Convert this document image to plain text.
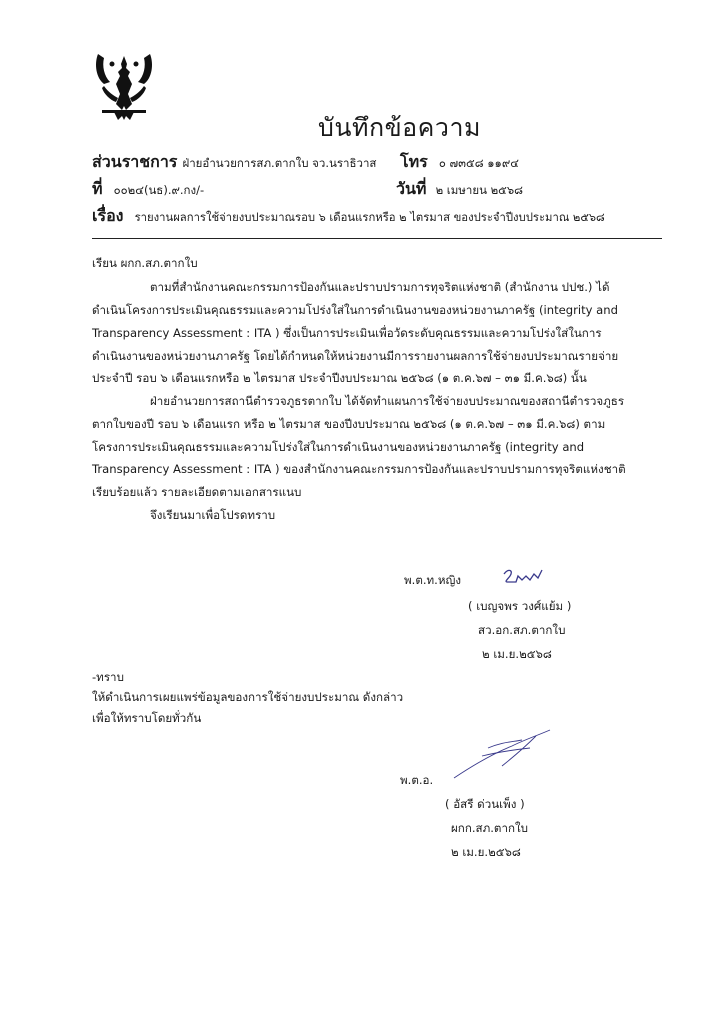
บันทึกข้อความ
ส่วนราชการ ฝ่ายอำนวยการสภ.ตากใบ จว.นราธิวาส โทร ๐ ๗๓๕๘ ๑๑๙๔
ที่ ๐๐๒๔(นธ).๙.กง/-	วันที่ ๒ เมษายน ๒๕๖๘
เรื่อง รายงานผลการใช้จ่ายงบประมาณรอบ ๖ เดือนแรกหรือ ๒ ไตรมาส ของประจำปีงบประมาณ ๒๕๖๘
เรียน ผกก.สภ.ตากใบ
ตามที่สำนักงานคณะกรรมการป้องกันและปราบปรามการทุจริตแห่งชาติ (สำนักงาน ปปช.) ได้
ดำเนินโครงการประเมินคุณธรรมและความโปร่งใส่ในการดำเนินงานของหน่วยงานภาครัฐ (integrity and
Transparency Assessment : ITA ) ซึ่งเป็นการประเมินเพื่อวัดระดับคุณธรรมและความโปร่งใส่ในการ
ดำเนินงานของหน่วยงานภาครัฐ โดยได้กำหนดให้หน่วยงานมีการรายงานผลการใช้จ่ายงบประมาณรายจ่าย
ประจำปี รอบ ๖ เดือนแรกหรือ ๒ ไตรมาส ประจำปีงบประมาณ ๒๕๖๘ (๑ ต.ค.๖๗ – ๓๑ มี.ค.๖๘) นั้น
ฝ่ายอำนวยการสถานีตำรวจภูธรตากใบ ได้จัดทำแผนการใช้จ่ายงบประมาณของสถานีตำรวจภูธร
ตากใบของปี รอบ ๖ เดือนแรก หรือ ๒ ไตรมาส ของปีงบประมาณ ๒๕๖๘ (๑ ต.ค.๖๗ – ๓๑ มี.ค.๖๘) ตาม
โครงการประเมินคุณธรรมและความโปร่งใส่ในการดำเนินงานของหน่วยงานภาครัฐ (integrity and
Transparency Assessment : ITA ) ของสำนักงานคณะกรรมการป้องกันและปราบปรามการทุจริตแห่งชาติ
เรียบร้อยแล้ว รายละเอียดตามเอกสารแนบ
จึงเรียนมาเพื่อโปรดทราบ
พ.ต.ท.หญิง
( เบญจพร วงศ์แย้ม )
สว.อก.สภ.ตากใบ
๒ เม.ย.๒๕๖๘
-ทราบ
ให้ดำเนินการเผยแพร่ข้อมูลของการใช้จ่ายงบประมาณ ดังกล่าว
เพื่อให้ทราบโดยทั่วกัน
พ.ต.อ.
( อัสรี ด่วนเพ็ง )
ผกก.สภ.ตากใบ
๒ เม.ย.๒๕๖๘
